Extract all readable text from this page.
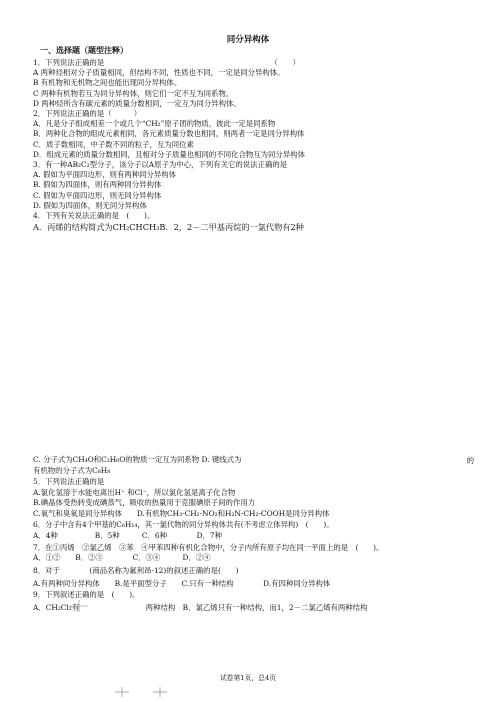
同分异构体
一、选择题（题型注释）
1．下列说法正确的是　　　　　　　　　　　　　　　　　　　　　　　（　　）
A 两种烃相对分子质量相同，但结构不同，性质也不同，一定是同分异构体。
B 有机物和无机物之间也能出现同分异构体。
C 两种有机物若互为同分异构体，则它们一定不互为同系物。
D 两种烃所含有碳元素的质量分数相同，一定互为同分异构体。
2．下列说法正确的是（　　　）
A．凡是分子组成相差一个或几个“CH₂”原子团的物质，彼此一定是同系物
B．两种化合物的组成元素相同，各元素质量分数也相同，则两者一定是同分异构体
C．质子数相同，中子数不同的粒子，互为同位素
D．组成元素的质量分数相同，且相对分子质量也相同的不同化合物互为同分异构体
3．有一种AB₂C₂型分子，该分子以A原子为中心，下列有关它的说法正确的是
A. 假如为平面四边形，则有两种同分异构体
B. 假如为四面体，则有两种同分异构体
C. 假如为平面四边形，则无同分异构体
D. 假如为四面体，则无同分异构体
4．下列有关说法正确的是　(　　)。
A．丙烯的结构简式为CH₂CHCH₃B．2，2－二甲基丙烷的一氯代物有2种
C. 分子式为CH₄O和C₂H₆O的物质一定互为同系物 D. 键线式为	的
有机物的分子式为C₈H₈
5．下列说法正确的是
A.氯化氢溶于水能电离出H⁺ 和Cl⁻，所以氯化氢是离子化合物
B.碘晶体受热转变成碘蒸气，吸收的热量用于克服碘原子间的作用力
C.氧气和臭氧是同分异构体　　D.有机物CH₃-CH₂-NO₂和H₂N-CH₂-COOH是同分异构体
6．分子中含有4个甲基的C₆H₁₄，其一氯代物的同分异构体共有(不考虑立体异构)　(　　)。
A．4种　　　　　B．5种　　　C．6种　　　　D．7种
7．在①丙烯　②氯乙烯　③苯　④甲苯四种有机化合物中，分子内所有原子均在同一平面上的是　(　　)。
A．①②　　B．②③　　　　C．③④　　　D．②④
8．对于　　　　(商品名称为氟利昂-12)的叙述正确的是(　　)
A.有两种同分异构体　　B.是平面型分子　　C.只有一种结构　　　　D.有四种同分异构体
9．下列叙述正确的是　(　　)。
A．CH₂Cl₂有　　　　　　　　　两种结构　B．氯乙烯只有一种结构，而1，2－二氯乙烯有两种结构
试卷第1页，总4页
